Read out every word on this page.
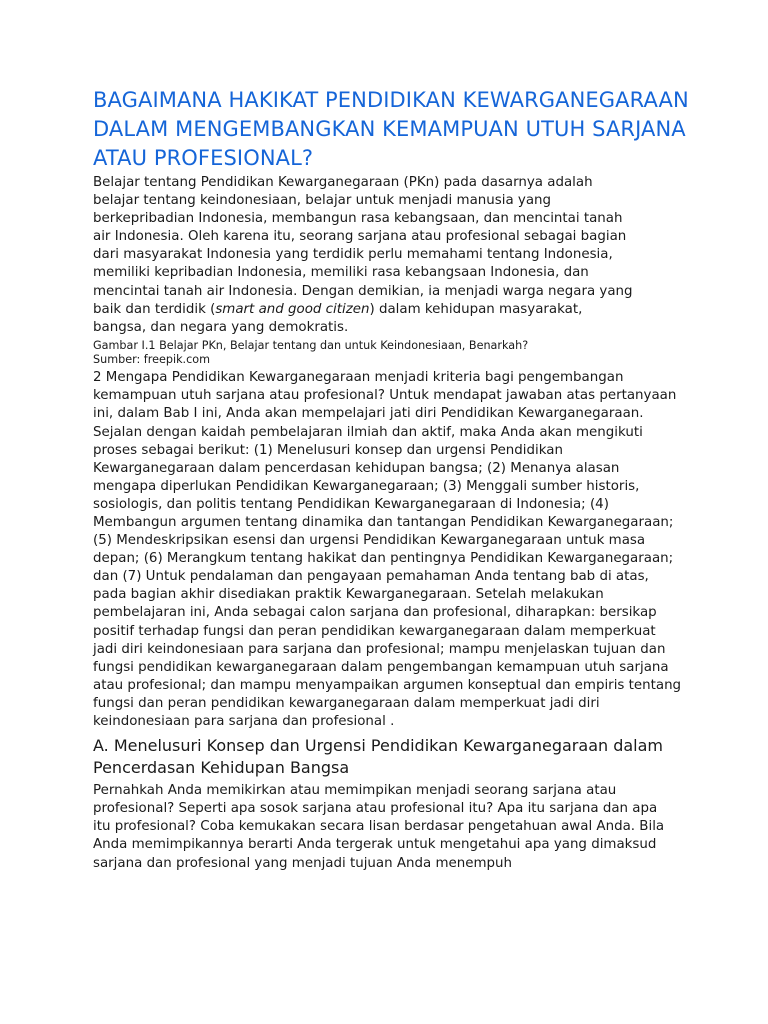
BAGAIMANA HAKIKAT PENDIDIKAN KEWARGANEGARAAN DALAM MENGEMBANGKAN KEMAMPUAN UTUH SARJANA ATAU PROFESIONAL?

Belajar tentang Pendidikan Kewarganegaraan (PKn) pada dasarnya adalah belajar tentang keindonesiaan, belajar untuk menjadi manusia yang berkepribadian Indonesia, membangun rasa kebangsaan, dan mencintai tanah air Indonesia. Oleh karena itu, seorang sarjana atau profesional sebagai bagian dari masyarakat Indonesia yang terdidik perlu memahami tentang Indonesia, memiliki kepribadian Indonesia, memiliki rasa kebangsaan Indonesia, dan mencintai tanah air Indonesia. Dengan demikian, ia menjadi warga negara yang baik dan terdidik (smart and good citizen) dalam kehidupan masyarakat, bangsa, dan negara yang demokratis.

Gambar I.1 Belajar PKn, Belajar tentang dan untuk Keindonesiaan, Benarkah?
Sumber: freepik.com

2 Mengapa Pendidikan Kewarganegaraan menjadi kriteria bagi pengembangan kemampuan utuh sarjana atau profesional? Untuk mendapat jawaban atas pertanyaan ini, dalam Bab I ini, Anda akan mempelajari jati diri Pendidikan Kewarganegaraan. Sejalan dengan kaidah pembelajaran ilmiah dan aktif, maka Anda akan mengikuti proses sebagai berikut: (1) Menelusuri konsep dan urgensi Pendidikan Kewarganegaraan dalam pencerdasan kehidupan bangsa; (2) Menanya alasan mengapa diperlukan Pendidikan Kewarganegaraan; (3) Menggali sumber historis, sosiologis, dan politis tentang Pendidikan Kewarganegaraan di Indonesia; (4) Membangun argumen tentang dinamika dan tantangan Pendidikan Kewarganegaraan; (5) Mendeskripsikan esensi dan urgensi Pendidikan Kewarganegaraan untuk masa depan; (6) Merangkum tentang hakikat dan pentingnya Pendidikan Kewarganegaraan; dan (7) Untuk pendalaman dan pengayaan pemahaman Anda tentang bab di atas, pada bagian akhir disediakan praktik Kewarganegaraan. Setelah melakukan pembelajaran ini, Anda sebagai calon sarjana dan profesional, diharapkan: bersikap positif terhadap fungsi dan peran pendidikan kewarganegaraan dalam memperkuat jadi diri keindonesiaan para sarjana dan profesional; mampu menjelaskan tujuan dan fungsi pendidikan kewarganegaraan dalam pengembangan kemampuan utuh sarjana atau profesional; dan mampu menyampaikan argumen konseptual dan empiris tentang fungsi dan peran pendidikan kewarganegaraan dalam memperkuat jadi diri keindonesiaan para sarjana dan profesional .

A. Menelusuri Konsep dan Urgensi Pendidikan Kewarganegaraan dalam Pencerdasan Kehidupan Bangsa

Pernahkah Anda memikirkan atau memimpikan menjadi seorang sarjana atau profesional? Seperti apa sosok sarjana atau profesional itu? Apa itu sarjana dan apa itu profesional? Coba kemukakan secara lisan berdasar pengetahuan awal Anda. Bila Anda memimpikannya berarti Anda tergerak untuk mengetahui apa yang dimaksud sarjana dan profesional yang menjadi tujuan Anda menempuh
